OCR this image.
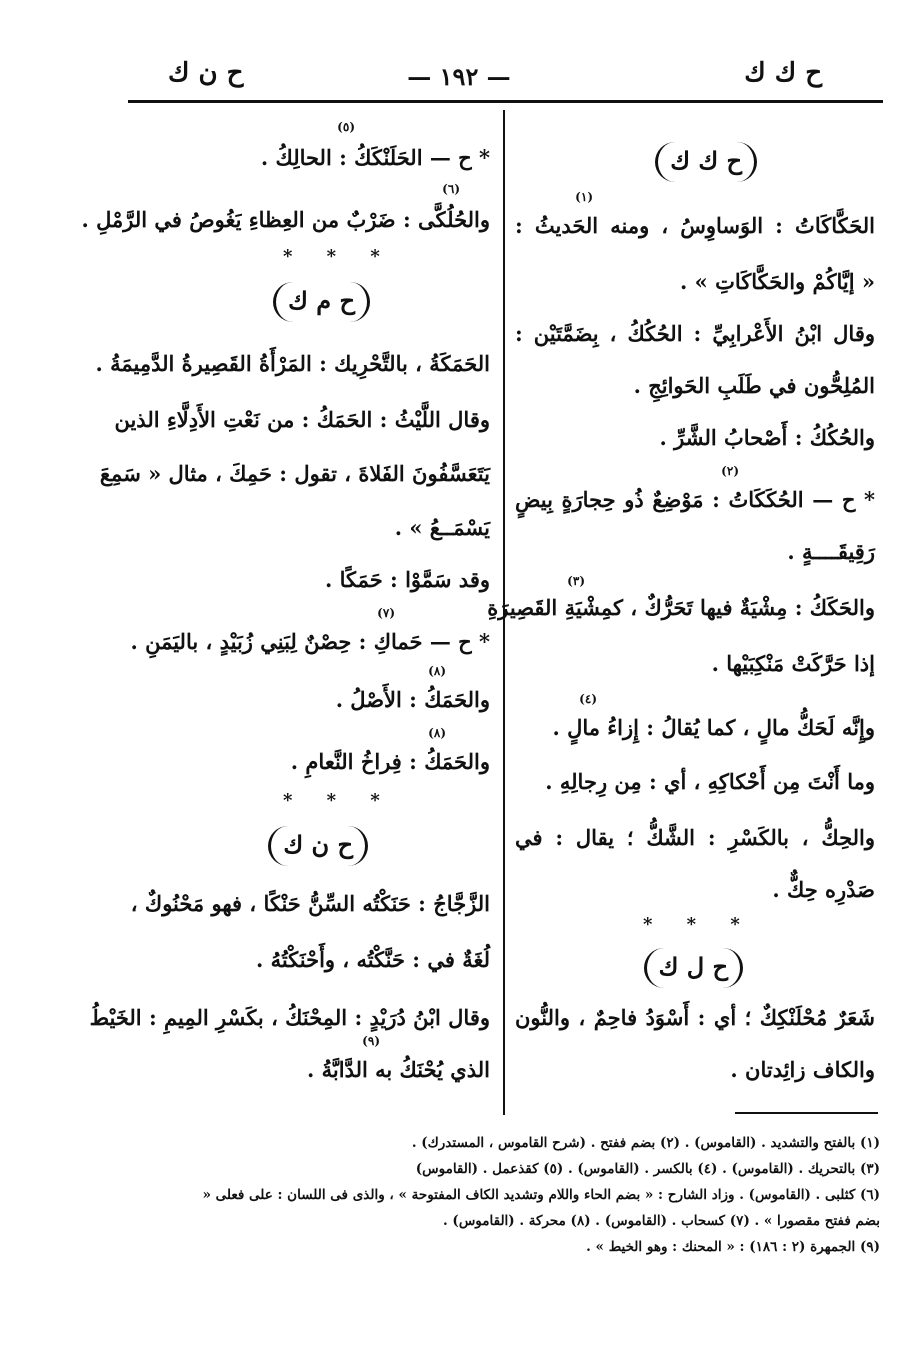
ح ك ك
— ١٩٢ —
ح ن ك
ح ك ك
الحَكَّاكَاتُ : الوَساوِسُ ، ومنه الحَديثُ :
« إيَّاكُمْ والحَكَّاكَاتِ » .
وقال ابْنُ الأَعْرابِيِّ : الحُكُكُ ، بِضَمَّتَيْن :
المُلِحُّون في طَلَبِ الحَوائِجِ .
والحُكُكُ : أَصْحابُ الشَّرِّ .
* ح — الحُكَكَاتُ : مَوْضِعٌ ذُو حِجارَةٍ بِيضٍ
رَقِيقَــــةٍ .
والحَكَكُ : مِشْيَةٌ فيها تَحَرُّكٌ ، كمِشْيَةِ القَصِيرَةِ
إذا حَرَّكَتْ مَنْكِبَيْها .
وإِنَّه لَحَكُّ مالٍ ، كما يُقالُ : إِزاءُ مالٍ .
وما أَنْتَ مِن أَحْكاكِهِ ، أي : مِن رِجالِهِ .
والحِكُّ ، بالكَسْرِ : الشَّكُّ ؛ يقال : في
صَدْرِه حِكٌّ .
* * *
ح ل ك
شَعَرٌ مُحْلَنْكِكٌ ؛ أي : أَسْوَدُ فاحِمٌ ، والنُّون
والكاف زائِدتان .
(١)
(٢)
(٣)
(٤)
* ح — الحَلَنْكَكُ : الحالِكُ .
والحُلُكَّى : ضَرْبٌ من العِظاءِ يَغُوصُ في الرَّمْلِ .
* * *
ح م ك
الحَمَكَةُ ، بالتَّحْرِيك : المَرْأَةُ القَصِيرةُ الدَّمِيمَةُ .
وقال اللَّيْثُ : الحَمَكُ : من نَعْتِ الأَدِلَّاءِ الذين
يَتَعَسَّفُونَ الفَلاةَ ، تقول : حَمِكَ ، مثال « سَمِعَ
يَسْمَــعُ » .
وقد سَمَّوْا : حَمَكًا .
* ح — حَماكِ : حِصْنٌ لِبَنِي زُبَيْدٍ ، باليَمَنِ .
والحَمَكُ : الأَصْلُ .
والحَمَكُ : فِراخُ النَّعامِ .
* * *
ح ن ك
الزَّجَّاجُ : حَنَكْتُه السِّنُّ حَنْكًا ، فهو مَحْنُوكٌ ،
لُغَةٌ في : حَنَّكْتُه ، وأَحْنَكْتُهُ .
وقال ابْنُ دُرَيْدٍ : المِحْنَكُ ، بكَسْرِ المِيمِ : الخَيْطُ
الذي يُحْنَكُ به الدَّابَّةُ .
(٥)
(٦)
(٧)
(٨)
(٨)
(٩)
(١) بالفتح والتشديد . (القاموس) . (٢) بضم ففتح . (شرح القاموس ، المستدرك) .
(٣) بالتحريك . (القاموس) . (٤) بالكسر . (القاموس) . (٥) كقذعمل . (القاموس)
(٦) كثلبى . (القاموس) . وزاد الشارح : « بضم الحاء واللام وتشديد الكاف المفتوحة » ، والذى فى اللسان : على فعلى «
بضم ففتح مقصورا » . (٧) كسحاب . (القاموس) . (٨) محركة . (القاموس) .
(٩) الجمهرة (٢ : ١٨٦) : « المحنك : وهو الخيط » .
